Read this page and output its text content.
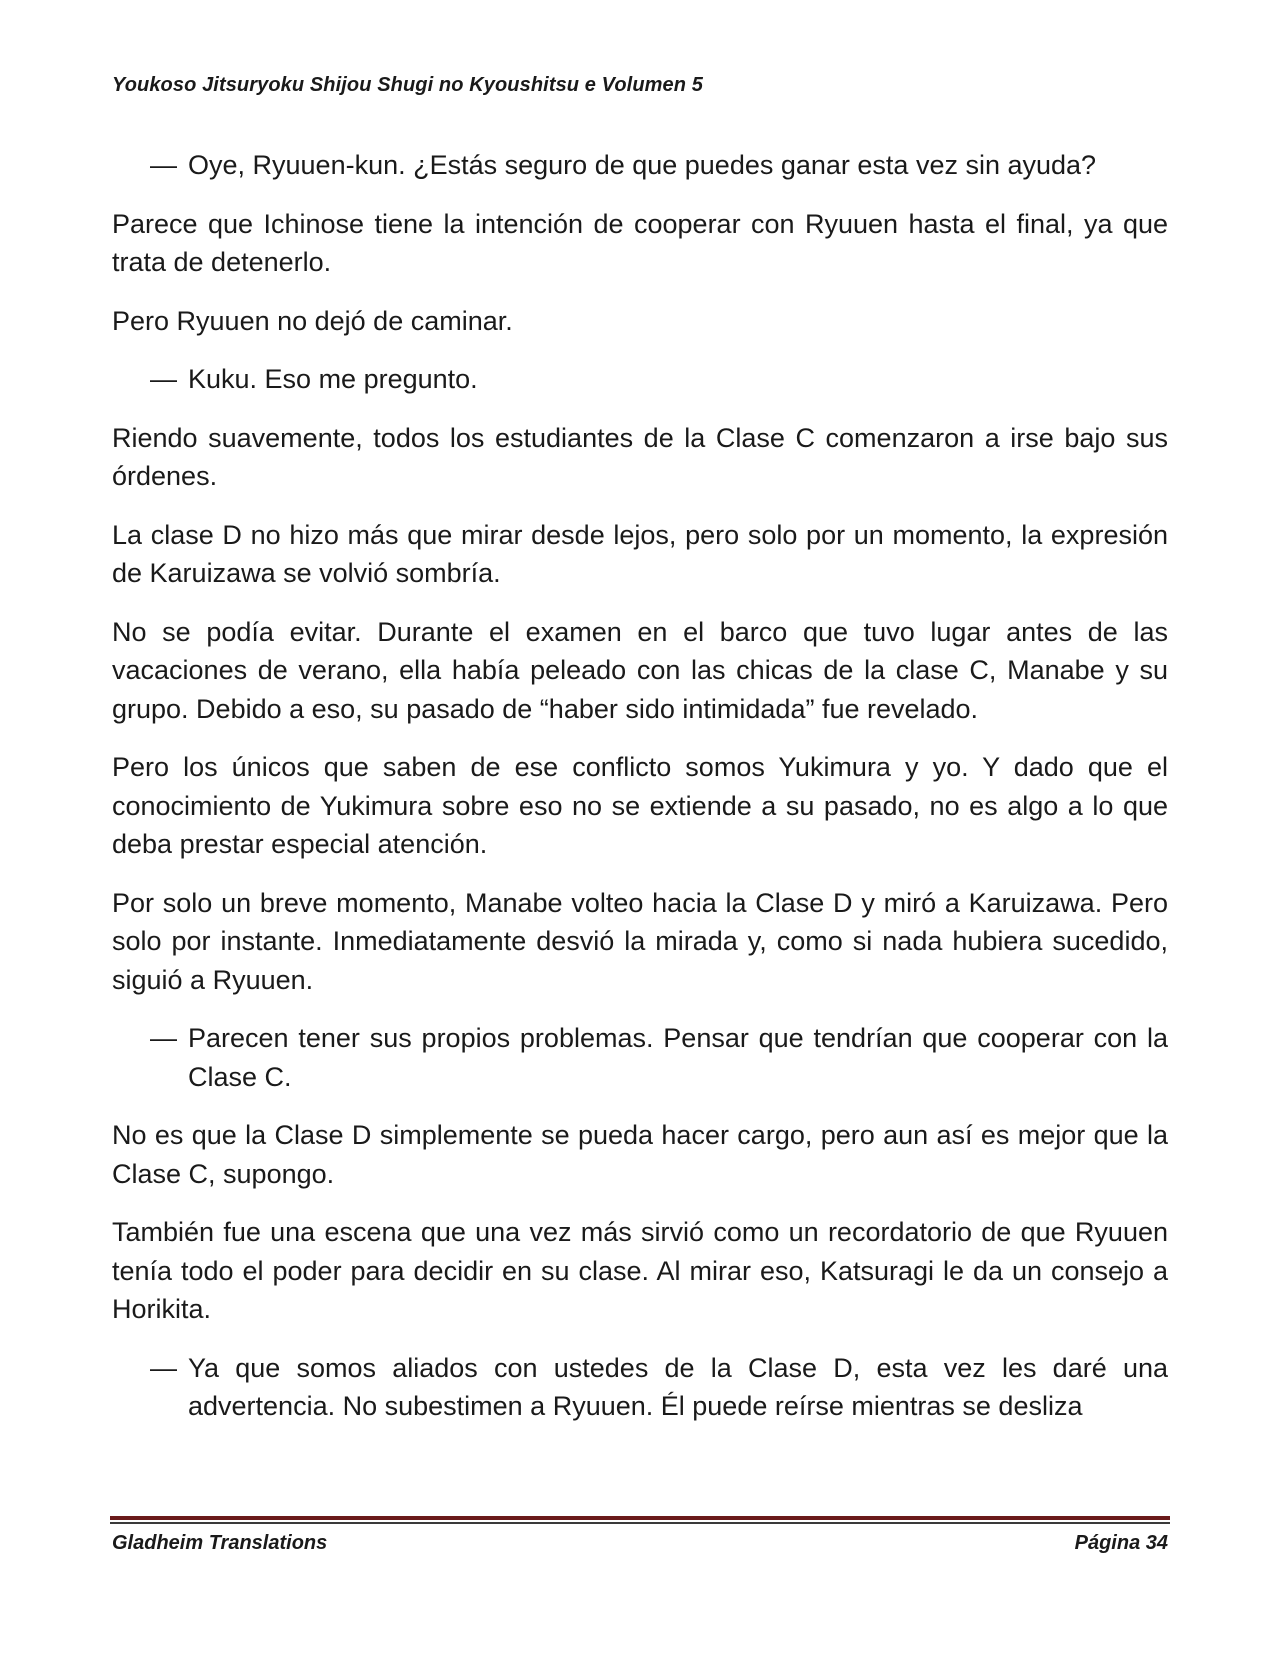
Youkoso Jitsuryoku Shijou Shugi no Kyoushitsu e Volumen 5
— Oye, Ryuuen-kun. ¿Estás seguro de que puedes ganar esta vez sin ayuda?

Parece que Ichinose tiene la intención de cooperar con Ryuuen hasta el final, ya que trata de detenerlo.

Pero Ryuuen no dejó de caminar.

— Kuku. Eso me pregunto.

Riendo suavemente, todos los estudiantes de la Clase C comenzaron a irse bajo sus órdenes.

La clase D no hizo más que mirar desde lejos, pero solo por un momento, la expresión de Karuizawa se volvió sombría.

No se podía evitar. Durante el examen en el barco que tuvo lugar antes de las vacaciones de verano, ella había peleado con las chicas de la clase C, Manabe y su grupo. Debido a eso, su pasado de “haber sido intimidada” fue revelado.

Pero los únicos que saben de ese conflicto somos Yukimura y yo. Y dado que el conocimiento de Yukimura sobre eso no se extiende a su pasado, no es algo a lo que deba prestar especial atención.

Por solo un breve momento, Manabe volteo hacia la Clase D y miró a Karuizawa. Pero solo por instante. Inmediatamente desvió la mirada y, como si nada hubiera sucedido, siguió a Ryuuen.

— Parecen tener sus propios problemas. Pensar que tendrían que cooperar con la Clase C.

No es que la Clase D simplemente se pueda hacer cargo, pero aun así es mejor que la Clase C, supongo.

También fue una escena que una vez más sirvió como un recordatorio de que Ryuuen tenía todo el poder para decidir en su clase. Al mirar eso, Katsuragi le da un consejo a Horikita.

— Ya que somos aliados con ustedes de la Clase D, esta vez les daré una advertencia. No subestimen a Ryuuen. Él puede reírse mientras se desliza
Gladheim Translations	Página 34
